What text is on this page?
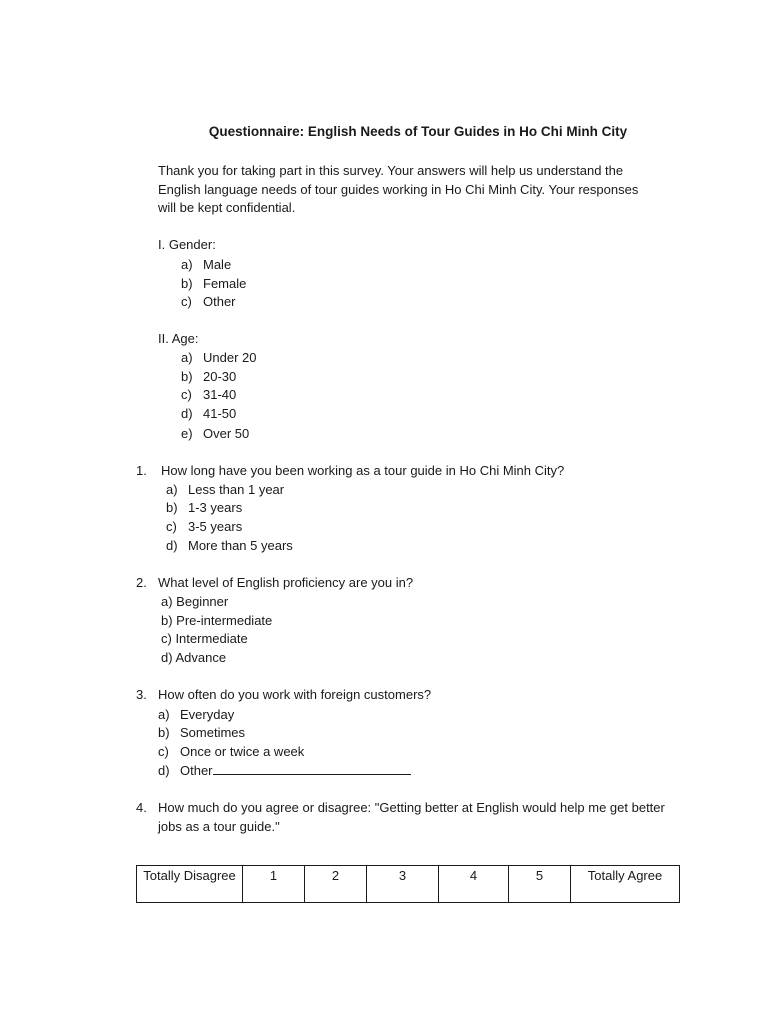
Questionnaire: English Needs of Tour Guides in Ho Chi Minh City
Thank you for taking part in this survey. Your answers will help us understand the English language needs of tour guides working in Ho Chi Minh City. Your responses will be kept confidential.
I. Gender:
a) Male
b) Female
c) Other
II. Age:
a) Under 20
b) 20-30
c) 31-40
d) 41-50
e) Over 50
1. How long have you been working as a tour guide in Ho Chi Minh City?
a) Less than 1 year
b) 1-3 years
c) 3-5 years
d) More than 5 years
2. What level of English proficiency are you in?
a) Beginner
b) Pre-intermediate
c) Intermediate
d) Advance
3. How often do you work with foreign customers?
a) Everyday
b) Sometimes
c) Once or twice a week
d) Other
4. How much do you agree or disagree: "Getting better at English would help me get better
jobs as a tour guide."
Totally Disagree	1	2	3	4	5	Totally Agree
